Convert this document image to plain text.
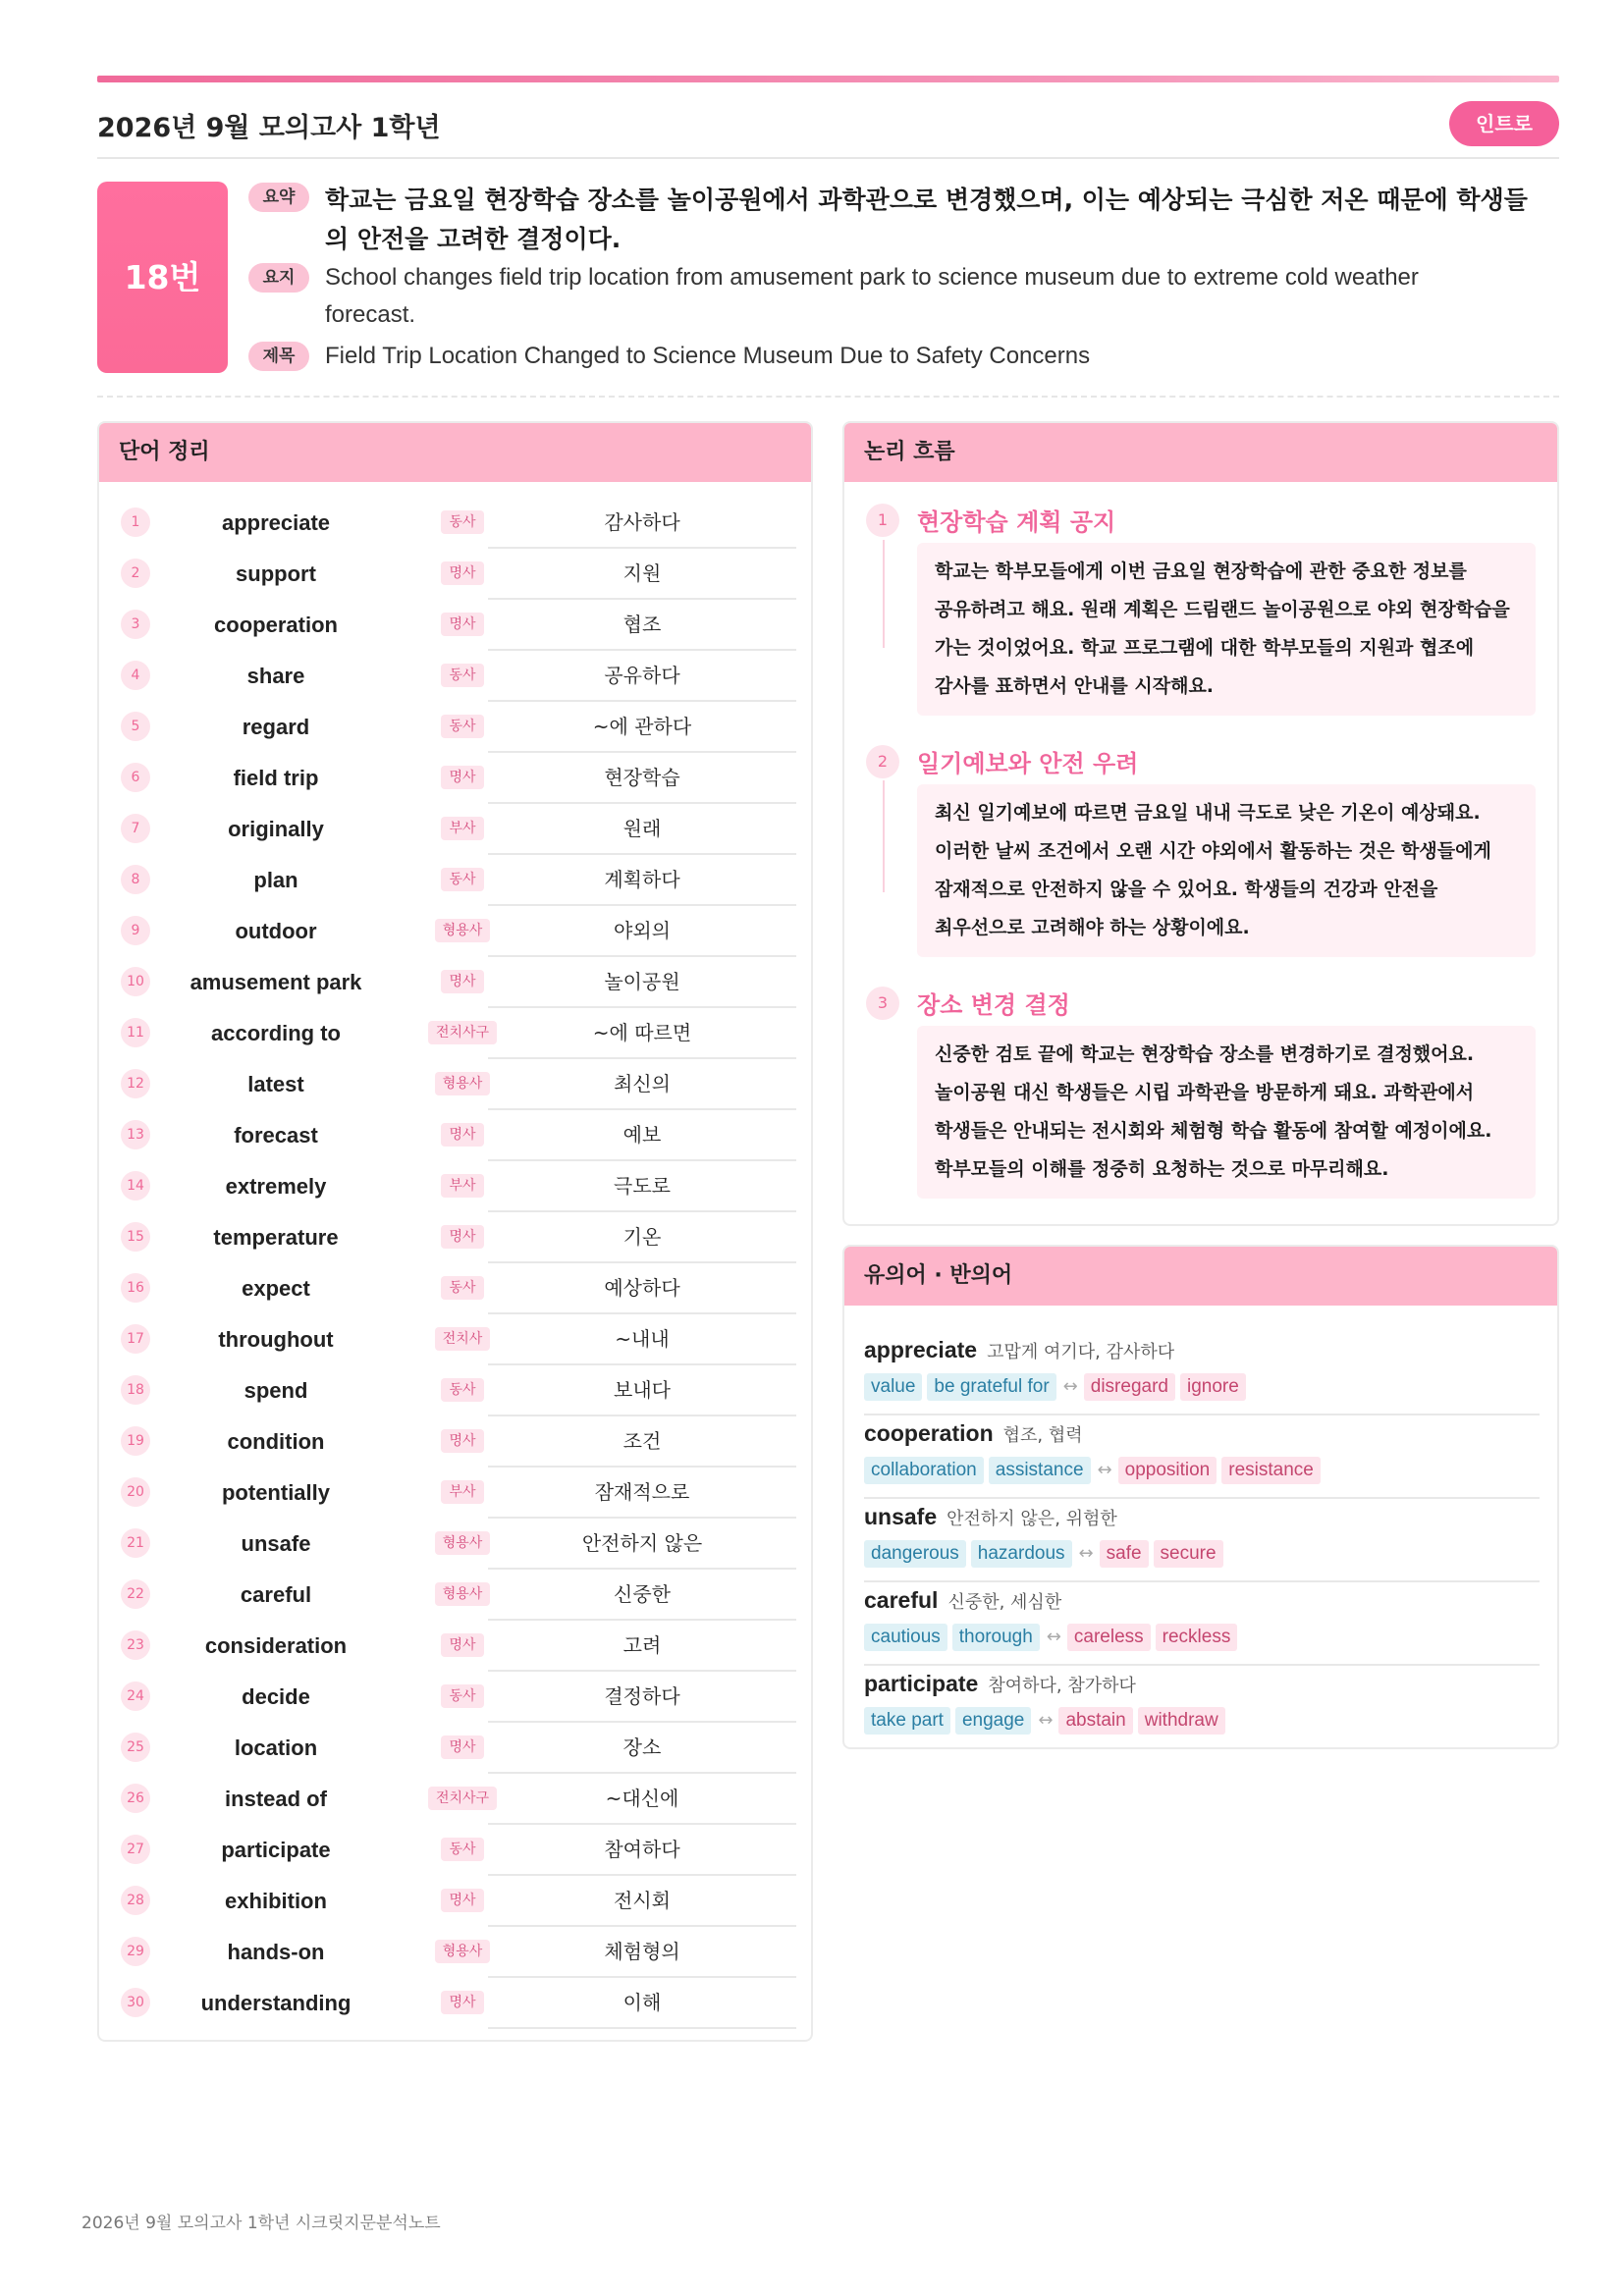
2026년 9월 모의고사 1학년	인트로
18번
요약	학교는 금요일 현장학습 장소를 놀이공원에서 과학관으로 변경했으며, 이는 예상되는 극심한 저온 때문에 학생들의 안전을 고려한 결정이다.
요지	School changes field trip location from amusement park to science museum due to extreme cold weather forecast.
제목	Field Trip Location Changed to Science Museum Due to Safety Concerns
단어 정리
1	appreciate	동사	감사하다
2	support	명사	지원
3	cooperation	명사	협조
4	share	동사	공유하다
5	regard	동사	~에 관하다
6	field trip	명사	현장학습
7	originally	부사	원래
8	plan	동사	계획하다
9	outdoor	형용사	야외의
10	amusement park	명사	놀이공원
11	according to	전치사구	~에 따르면
12	latest	형용사	최신의
13	forecast	명사	예보
14	extremely	부사	극도로
15	temperature	명사	기온
16	expect	동사	예상하다
17	throughout	전치사	~내내
18	spend	동사	보내다
19	condition	명사	조건
20	potentially	부사	잠재적으로
21	unsafe	형용사	안전하지 않은
22	careful	형용사	신중한
23	consideration	명사	고려
24	decide	동사	결정하다
25	location	명사	장소
26	instead of	전치사구	~대신에
27	participate	동사	참여하다
28	exhibition	명사	전시회
29	hands-on	형용사	체험형의
30	understanding	명사	이해
논리 흐름
1	현장학습 계획 공지
학교는 학부모들에게 이번 금요일 현장학습에 관한 중요한 정보를
공유하려고 해요. 원래 계획은 드림랜드 놀이공원으로 야외 현장학습을
가는 것이었어요. 학교 프로그램에 대한 학부모들의 지원과 협조에
감사를 표하면서 안내를 시작해요.
2	일기예보와 안전 우려
최신 일기예보에 따르면 금요일 내내 극도로 낮은 기온이 예상돼요.
이러한 날씨 조건에서 오랜 시간 야외에서 활동하는 것은 학생들에게
잠재적으로 안전하지 않을 수 있어요. 학생들의 건강과 안전을
최우선으로 고려해야 하는 상황이에요.
3	장소 변경 결정
신중한 검토 끝에 학교는 현장학습 장소를 변경하기로 결정했어요.
놀이공원 대신 학생들은 시립 과학관을 방문하게 돼요. 과학관에서
학생들은 안내되는 전시회와 체험형 학습 활동에 참여할 예정이에요.
학부모들의 이해를 정중히 요청하는 것으로 마무리해요.
유의어 · 반의어
appreciate 고맙게 여기다, 감사하다
value be grateful for ↔ disregard ignore
cooperation 협조, 협력
collaboration assistance ↔ opposition resistance
unsafe 안전하지 않은, 위험한
dangerous hazardous ↔ safe secure
careful 신중한, 세심한
cautious thorough ↔ careless reckless
participate 참여하다, 참가하다
take part engage ↔ abstain withdraw
2026년 9월 모의고사 1학년 시크릿지문분석노트
